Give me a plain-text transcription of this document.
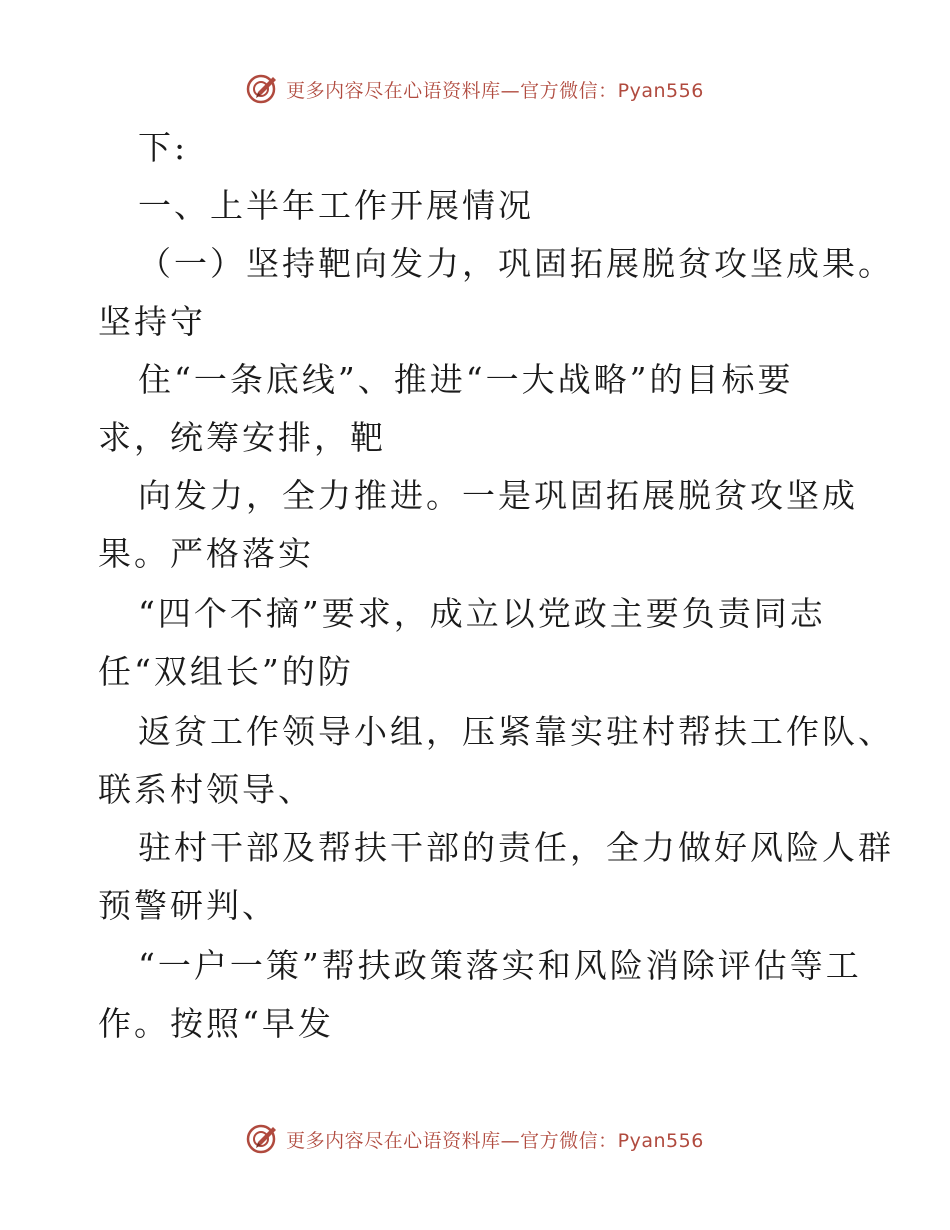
更多内容尽在心语资料库—官方微信：Pyan556
下:
一、上半年工作开展情况
（一）坚持靶向发力，巩固拓展脱贫攻坚成果。
坚持守
住“一条底线”、推进“一大战略”的目标要
求，统筹安排，靶
向发力，全力推进。一是巩固拓展脱贫攻坚成
果。严格落实
“四个不摘”要求，成立以党政主要负责同志
任“双组长”的防
返贫工作领导小组，压紧靠实驻村帮扶工作队、
联系村领导、
驻村干部及帮扶干部的责任，全力做好风险人群
预警研判、
“一户一策”帮扶政策落实和风险消除评估等工
作。按照“早发
更多内容尽在心语资料库—官方微信：Pyan556
